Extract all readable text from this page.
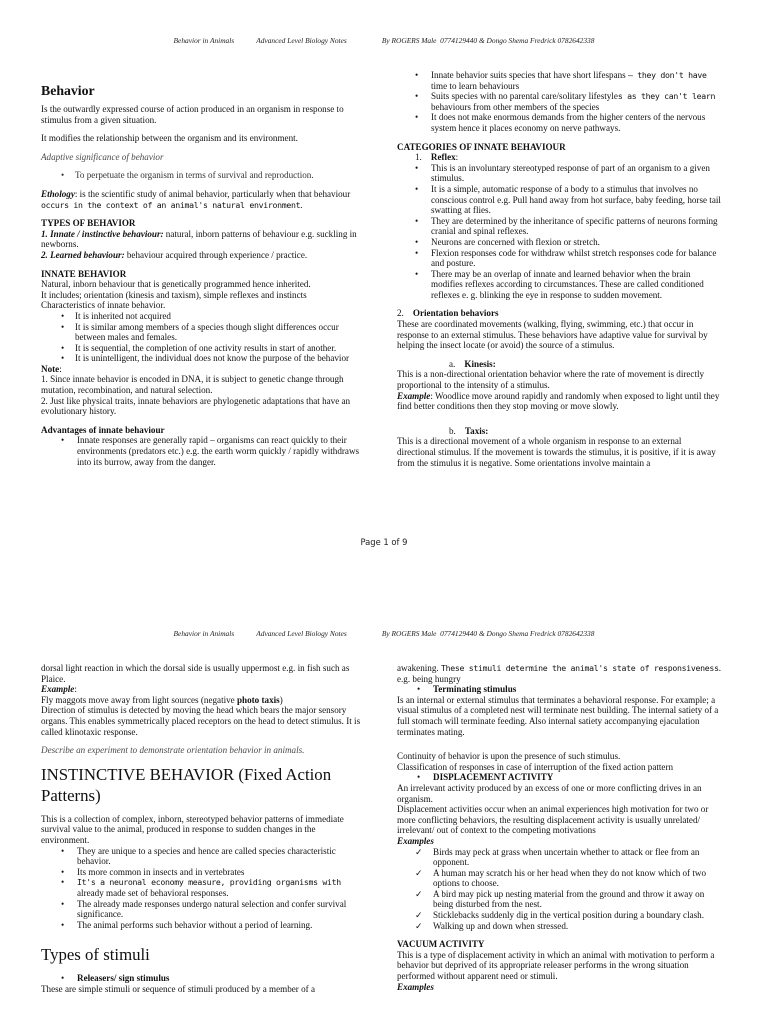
Behavior in Animals	Advanced Level Biology Notes	By ROGERS Male  0774129440 & Dongo Shema Fredrick 0782642338

Behavior

Is the outwardly expressed course of action produced in an organism in response to stimulus from a given situation.

It modifies the relationship between the organism and its environment.

Adaptive significance of behavior

• To perpetuate the organism in terms of survival and reproduction.

Ethology: is the scientific study of animal behavior, particularly when that behaviour occurs in the context of an animal's natural environment.

TYPES OF BEHAVIOR

1. Innate / instinctive behaviour: natural, inborn patterns of behaviour e.g. suckling in newborns.

2. Learned behaviour: behaviour acquired through experience / practice.

INNATE BEHAVIOR

Natural, inborn behaviour that is genetically programmed hence inherited.

It includes; orientation (kinesis and taxism), simple reflexes and instincts

Characteristics of innate behavior.

• It is inherited not acquired
• It is similar among members of a species though slight differences occur between males and females.
• It is sequential, the completion of one activity results in start of another.
• It is unintelligent, the individual does not know the purpose of the behavior

Note:

1. Since innate behavior is encoded in DNA, it is subject to genetic change through mutation, recombination, and natural selection.

2. Just like physical traits, innate behaviors are phylogenetic adaptations that have an evolutionary history.

Advantages of innate behaviour

• Innate responses are generally rapid – organisms can react quickly to their environments (predators etc.) e.g. the earth worm quickly / rapidly withdraws into its burrow, away from the danger.
• Innate behavior suits species that have short lifespans – they don't have time to learn behaviours
• Suits species with no parental care/solitary lifestyles as they can't learn behaviours from other members of the species
• It does not make enormous demands from the higher centers of the nervous system hence it places economy on nerve pathways.

CATEGORIES OF INNATE BEHAVIOUR

1. Reflex:

• This is an involuntary stereotyped response of part of an organism to a given stimulus.
• It is a simple, automatic response of a body to a stimulus that involves no conscious control e.g. Pull hand away from hot surface, baby feeding, horse tail swatting at flies.
• They are determined by the inheritance of specific patterns of neurons forming cranial and spinal reflexes.
• Neurons are concerned with flexion or stretch.
• Flexion responses code for withdraw whilst stretch responses code for balance and posture.
• There may be an overlap of innate and learned behavior when the brain modifies reflexes according to circumstances. These are called conditioned reflexes e. g. blinking the eye in response to sudden movement.

2. Orientation behaviors

These are coordinated movements (walking, flying, swimming, etc.) that occur in response to an external stimulus. These behaviors have adaptive value for survival by helping the insect locate (or avoid) the source of a stimulus.

a. Kinesis:

This is a non-directional orientation behavior where the rate of movement is directly proportional to the intensity of a stimulus.

Example: Woodlice move around rapidly and randomly when exposed to light until they find better conditions then they stop moving or move slowly.

b. Taxis:

This is a directional movement of a whole organism in response to an external directional stimulus. If the movement is towards the stimulus, it is positive, if it is away from the stimulus it is negative. Some orientations involve maintain a

Page 1 of 9
Behavior in Animals	Advanced Level Biology Notes	By ROGERS Male  0774129440 & Dongo Shema Fredrick 0782642338

dorsal light reaction in which the dorsal side is usually uppermost e.g. in fish such as Plaice.

Example:

Fly maggots move away from light sources (negative photo taxis)

Direction of stimulus is detected by moving the head which bears the major sensory organs. This enables symmetrically placed receptors on the head to detect stimulus. It is called klinotaxic response.

Describe an experiment to demonstrate orientation behavior in animals.

INSTINCTIVE BEHAVIOR (Fixed Action Patterns)

This is a collection of complex, inborn, stereotyped behavior patterns of immediate survival value to the animal, produced in response to sudden changes in the environment.

• They are unique to a species and hence are called species characteristic behavior.
• Its more common in insects and in vertebrates
• It's a neuronal economy measure, providing organisms with already made set of behavioral responses.
• The already made responses undergo natural selection and confer survival significance.
• The animal performs such behavior without a period of learning.

Types of stimuli

• Releasers/ sign stimulus

These are simple stimuli or sequence of stimuli produced by a member of a

awakening. These stimuli determine the animal's state of responsiveness. e.g. being hungry

• Terminating stimulus

Is an internal or external stimulus that terminates a behavioral response. For example; a visual stimulus of a completed nest will terminate nest building. The internal satiety of a full stomach will terminate feeding. Also internal satiety accompanying ejaculation terminates mating.

Continuity of behavior is upon the presence of such stimulus.

Classification of responses in case of interruption of the fixed action pattern

• DISPLACEMENT ACTIVITY

An irrelevant activity produced by an excess of one or more conflicting drives in an organism.

Displacement activities occur when an animal experiences high motivation for two or more conflicting behaviors, the resulting displacement activity is usually unrelated/ irrelevant/ out of context to the competing motivations

Examples

✓ Birds may peck at grass when uncertain whether to attack or flee from an opponent.
✓ A human may scratch his or her head when they do not know which of two options to choose.
✓ A bird may pick up nesting material from the ground and throw it away on being disturbed from the nest.
✓ Sticklebacks suddenly dig in the vertical position during a boundary clash.
✓ Walking up and down when stressed.

VACUUM ACTIVITY

This is a type of displacement activity in which an animal with motivation to perform a behavior but deprived of its appropriate releaser performs in the wrong situation performed without apparent need or stimuli.

Examples
